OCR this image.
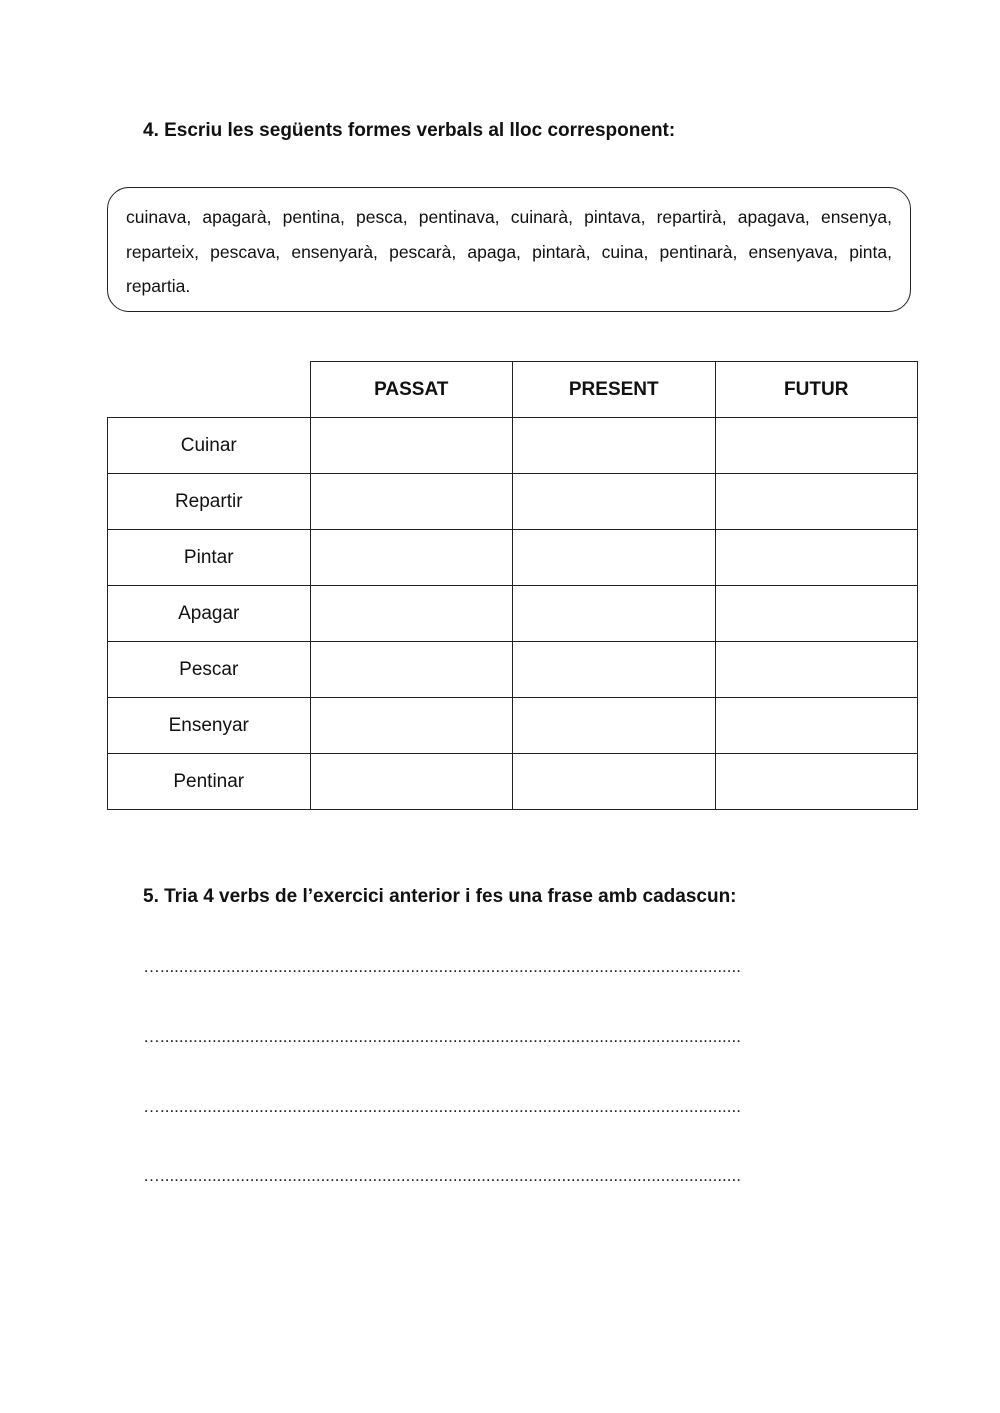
4. Escriu les següents formes verbals al lloc corresponent:

cuinava, apagarà, pentina, pesca, pentinava, cuinarà, pintava, repartirà, apagava, ensenya, reparteix, pescava, ensenyarà, pescarà, apaga, pintarà, cuina, pentinarà, ensenyava, pinta, repartia.

	PASSAT	PRESENT	FUTUR
Cuinar			
Repartir			
Pintar			
Apagar			
Pescar			
Ensenyar			
Pentinar			
5. Tria 4 verbs de l’exercici anterior i fes una frase amb cadascun:
…...........................................................................................................................
…...........................................................................................................................
…...........................................................................................................................
…...........................................................................................................................
